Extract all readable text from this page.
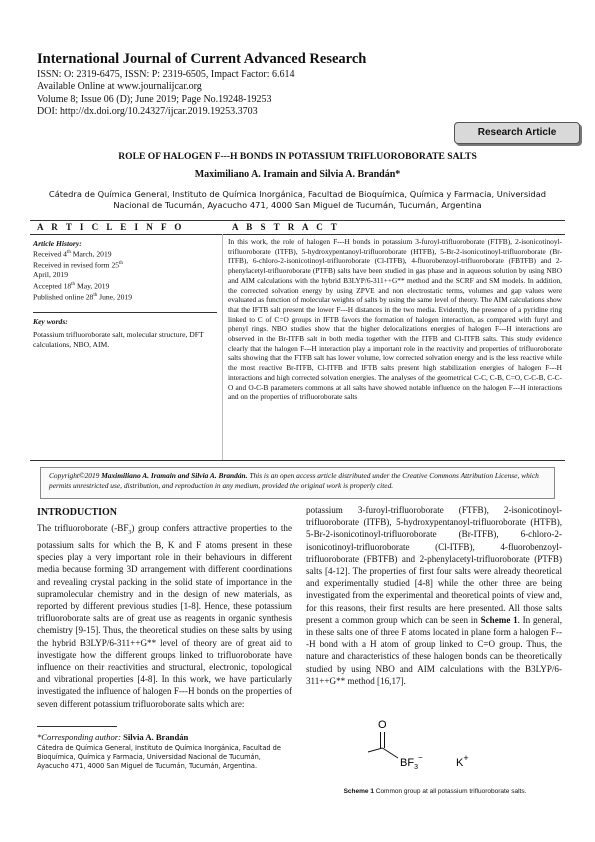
International Journal of Current Advanced Research
ISSN: O: 2319-6475, ISSN: P: 2319-6505, Impact Factor: 6.614
Available Online at www.journalijcar.org
Volume 8; Issue 06 (D); June 2019; Page No.19248-19253
DOI: http://dx.doi.org/10.24327/ijcar.2019.19253.3703
Research Article
ROLE OF HALOGEN F---H BONDS IN POTASSIUM TRIFLUOROBORATE SALTS
Maximiliano A. Iramain and Silvia A. Brandán*
Cátedra de Química General, Instituto de Química Inorgánica, Facultad de Bioquímica, Química y Farmacia, Universidad Nacional de Tucumán, Ayacucho 471, 4000 San Miguel de Tucumán, Tucumán, Argentina
A R T I C L E I N F O	A B S T R A C T
Article History:
Received 4th March, 2019
Received in revised form 25th
April, 2019
Accepted 18th May, 2019
Published online 28th June, 2019
Key words:
Potassium trifluoroborate salt, molecular structure, DFT calculations, NBO, AIM.
In this work, the role of halogen F---H bonds in potassium 3-furoyl-trifluoroborate (FTFB), 2-isonicotinoyl-trifluoroborate (ITFB), 5-hydroxypentanoyl-trifluoroborate (HTFB), 5-Br-2-isonicotinoyl-trifluoroborate (Br-ITFB), 6-chloro-2-isonicotinoyl-trifluoroborate (Cl-ITFB), 4-fluorobenzoyl-trifluoroborate (FBTFB) and 2-phenylacetyl-trifluoroborate (PTFB) salts have been studied in gas phase and in aqueous solution by using NBO and AIM calculations with the hybrid B3LYP/6-311++G** method and the SCRF and SM models. In addition, the corrected solvation energy by using ZPVE and non electrostatic terms, volumes and gap values were evaluated as function of molecular weights of salts by using the same level of theory. The AIM calculations show that the IFTB salt present the lower F---H distances in the two media. Evidently, the presence of a pyridine ring linked to C of C=O groups in IFTB favors the formation of halogen interaction, as compared with furyl and phenyl rings. NBO studies show that the higher delocalizations energies of halogen F---H interactions are observed in the Br-ITFB salt in both media together with the ITFB and Cl-ITFB salts. This study evidence clearly that the halogen F---H interaction play a important role in the reactivity and properties of trifluoroborate salts showing that the FTFB salt has lower volume, low corrected solvation energy and is the less reactive while the most reactive Br-ITFB, Cl-ITFB and IFTB salts present high stabilization energies of halogen F---H interactions and high corrected solvation energies. The analyses of the geometrical C-C, C-B, C=O, C-C-B, C-C-O and O-C-B parameters commons at all salts have showed notable influence on the halogen F---H interactions and on the properties of trifluoroborate salts
Copyright©2019 Maximiliano A. Iramain and Silvia A. Brandán. This is an open access article distributed under the Creative Commons Attribution License, which permits unrestricted use, distribution, and reproduction in any medium, provided the original work is properly cited.
INTRODUCTION
The trifluoroborate $(-BF_3)$ group confers attractive properties to the potassium salts for which the B, K and F atoms present in these species play a very important role in their behaviours in different media because forming 3D arrangement with different coordinations and revealing crystal packing in the solid state of importance in the supramolecular chemistry and in the design of new materials, as reported by different previous studies [1-8]. Hence, these potassium trifluoroborate salts are of great use as reagents in organic synthesis chemistry [9-15]. Thus, the theoretical studies on these salts by using the hybrid B3LYP/6-311++G** level of theory are of great aid to investigate how the different groups linked to trifluoroborate have influence on their reactivities and structural, electronic, topological and vibrational properties [4-8]. In this work, we have particularly investigated the influence of halogen F---H bonds on the properties of seven different potassium trifluoroborate salts which are:
potassium 3-furoyl-trifluoroborate (FTFB), 2-isonicotinoyl-trifluoroborate (ITFB), 5-hydroxypentanoyl-trifluoroborate (HTFB), 5-Br-2-isonicotinoyl-trifluoroborate (Br-ITFB), 6-chloro-2-isonicotinoyl-trifluoroborate (Cl-ITFB), 4-fluorobenzoyl-trifluoroborate (FBTFB) and 2-phenylacetyl-trifluoroborate (PTFB) salts [4-12]. The properties of first four salts were already theoretical and experimentally studied [4-8] while the other three are being investigated from the experimental and theoretical points of view and, for this reasons, their first results are here presented. All those salts present a common group which can be seen in Scheme 1. In general, in these salts one of three F atoms located in plane form a halogen F---H bond with a H atom of group linked to C=O group. Thus, the nature and characteristics of these halogen bonds can be theoretically studied by using NBO and AIM calculations with the B3LYP/6-311++G** method [16,17].
*Corresponding author: Silvia A. Brandán
Cátedra de Química General, Instituto de Química Inorgánica, Facultad de Bioquímica, Química y Farmacia, Universidad Nacional de Tucumán, Ayacucho 471, 4000 San Miguel de Tucumán, Tucumán, Argentina.
O
$BF_3^-$	K+
Scheme 1 Common group at all potassium trifluoroborate salts.
